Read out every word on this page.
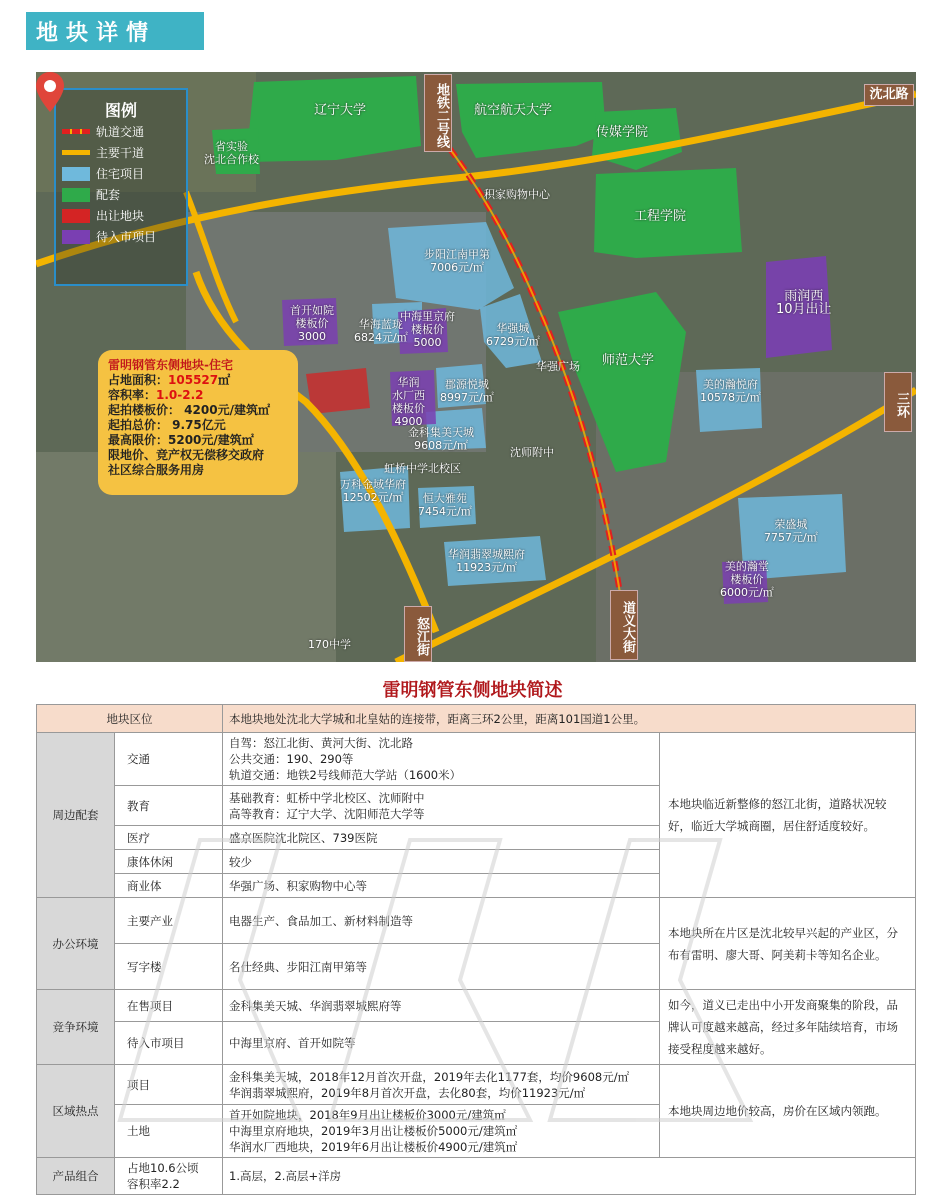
地块详情
图例
轨道交通
主要干道
住宅项目
配套
出让地块
待入市项目
地铁二号线	沈北路
三环
怒江街	道义大街
辽宁大学	航空航天大学
传媒学院
工程学院
师范大学
省实验
沈北合作校
积家购物中心
步阳江南甲第
7006元/㎡
华强城
6729元/㎡
华强广场
雨润西
10月出让
美的瀚悦府
10578元/㎡
首开如院
楼板价
3000
华海蓝珑
6824元/㎡
中海里京府
楼板价
5000
郡源悦城
8997元/㎡
华润
水厂西
楼板价
4900
金科集美天城
9608元/㎡
虹桥中学北校区
沈师附中
万科金域华府
12502元/㎡	恒大雅苑
7454元/㎡
华润翡翠城熙府
11923元/㎡
荣盛城
7757元/㎡
美的瀚堂
楼板价
6000元/㎡
170中学
雷明钢管东侧地块-住宅
占地面积：105527㎡
容积率：1.0-2.2
起拍楼板价： 4200元/建筑㎡
起拍总价： 9.75亿元
最高限价：5200元/建筑㎡
限地价、竞产权无偿移交政府
社区综合服务用房
雷明钢管东侧地块简述
地块区位		本地块地处沈北大学城和北皇姑的连接带，距离三环2公里，距离101国道1公里。	
周边配套	交通	自驾：怒江北街、黄河大街、沈北路
公共交通：190、290等
轨道交通：地铁2号线师范大学站（1600米）	本地块临近新整修的怒江北街，道路状况较好，临近大学城商圈，居住舒适度较好。
	教育	基础教育：虹桥中学北校区、沈师附中
高等教育：辽宁大学、沈阳师范大学等	

	医疗	盛京医院沈北院区、739医院	

	康体休闲	较少	

	商业体	华强广场、积家购物中心等	

办公环境	主要产业	电器生产、食品加工、新材料制造等	本地块所在片区是沈北较早兴起的产业区，分布有雷明、廖大哥、阿美莉卡等知名企业。
	写字楼	名仕经典、步阳江南甲第等	

竞争环境	在售项目	金科集美天城、华润翡翠城熙府等	如今，道义已走出中小开发商聚集的阶段，品牌认可度越来越高，经过多年陆续培育，市场接受程度越来越好。
	待入市项目	中海里京府、首开如院等	

区域热点	项目	金科集美天城，2018年12月首次开盘，2019年去化1177套，均价9608元/㎡
华润翡翠城熙府，2019年8月首次开盘，去化80套，均价11923元/㎡	本地块周边地价较高，房价在区域内领跑。
	土地	首开如院地块，2018年9月出让楼板价3000元/建筑㎡
中海里京府地块，2019年3月出让楼板价5000元/建筑㎡
华润水厂西地块，2019年6月出让楼板价4900元/建筑㎡	

产品组合	占地10.6公顷
容积率2.2	1.高层，2.高层+洋房	
